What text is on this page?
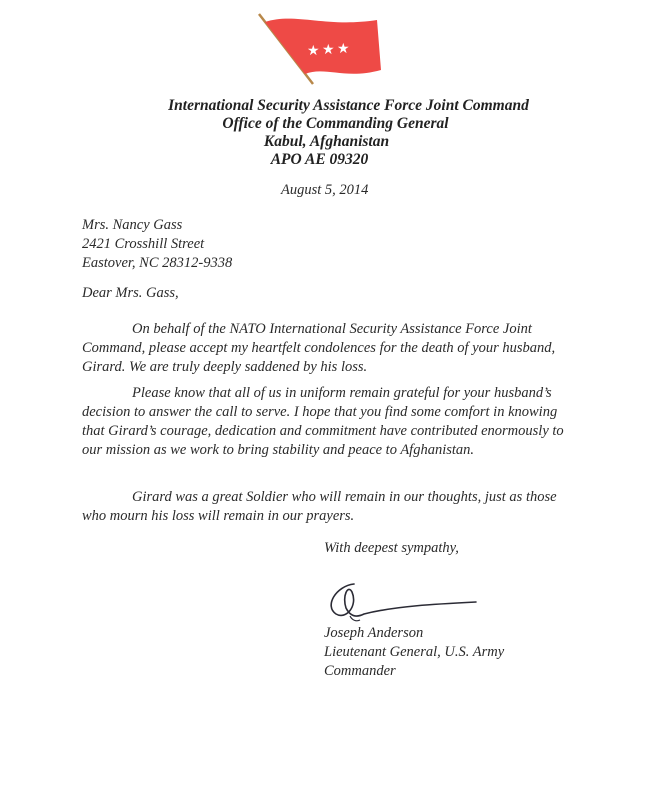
★ ★ ★
International Security Assistance Force Joint Command
Office of the Commanding General
Kabul, Afghanistan
APO AE 09320
August 5, 2014
Mrs. Nancy Gass
2421 Crosshill Street
Eastover, NC 28312-9338
Dear Mrs. Gass,

On behalf of the NATO International Security Assistance Force Joint Command, please accept my heartfelt condolences for the death of your husband, Girard. We are truly deeply saddened by his loss.

Please know that all of us in uniform remain grateful for your husband’s decision to answer the call to serve. I hope that you find some comfort in knowing that Girard’s courage, dedication and commitment have contributed enormously to our mission as we work to bring stability and peace to Afghanistan.

Girard was a great Soldier who will remain in our thoughts, just as those who mourn his loss will remain in our prayers.

With deepest sympathy,
Joseph Anderson
Lieutenant General, U.S. Army
Commander
